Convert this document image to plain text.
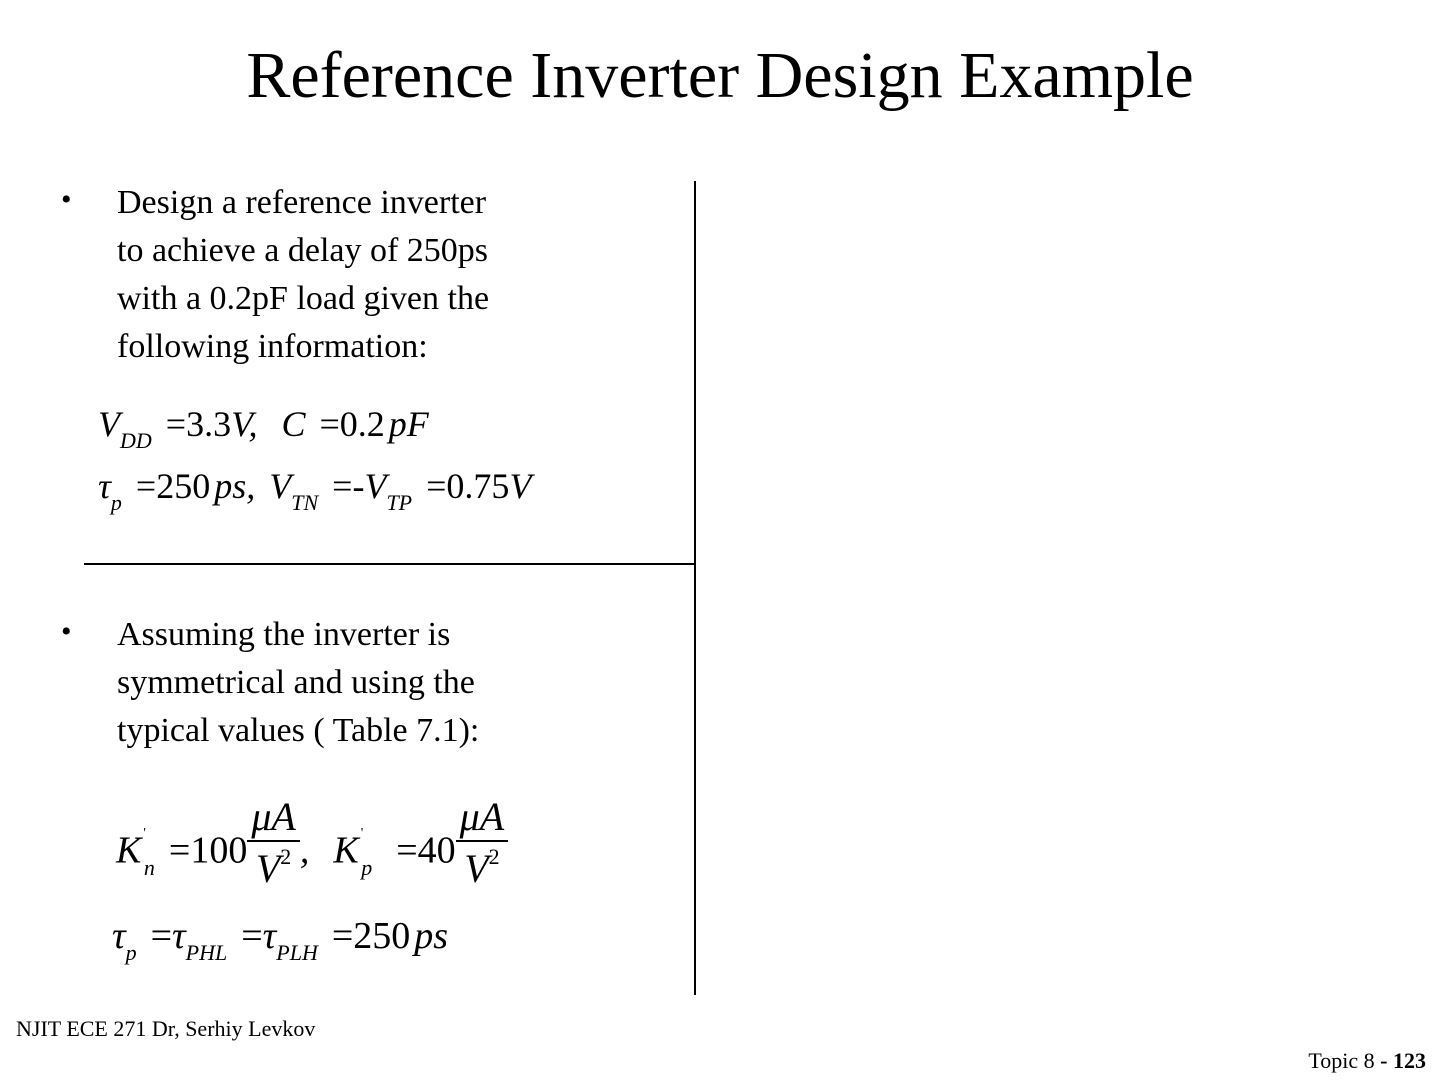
Reference Inverter Design Example
• Design a reference inverter
to achieve a delay of 250ps
with a 0.2pF load given the
following information:
$V_{DD} =3.3V$, C =0.2 pF
$\tau_p =250$ ps, $V_{TN} =-V_{TP} =0.75V$
• Assuming the inverter is
symmetrical and using the
typical values ( Table 7.1):
K $'_n =100 \frac{\mu A}{V^2}$ , K $'_p =40 \frac{\mu A}{V^2}$
$\tau_p =\tau_{PHL} =\tau_{PLH} =250$ ps
NJIT ECE 271 Dr, Serhiy Levkov
Topic 8 - 123
